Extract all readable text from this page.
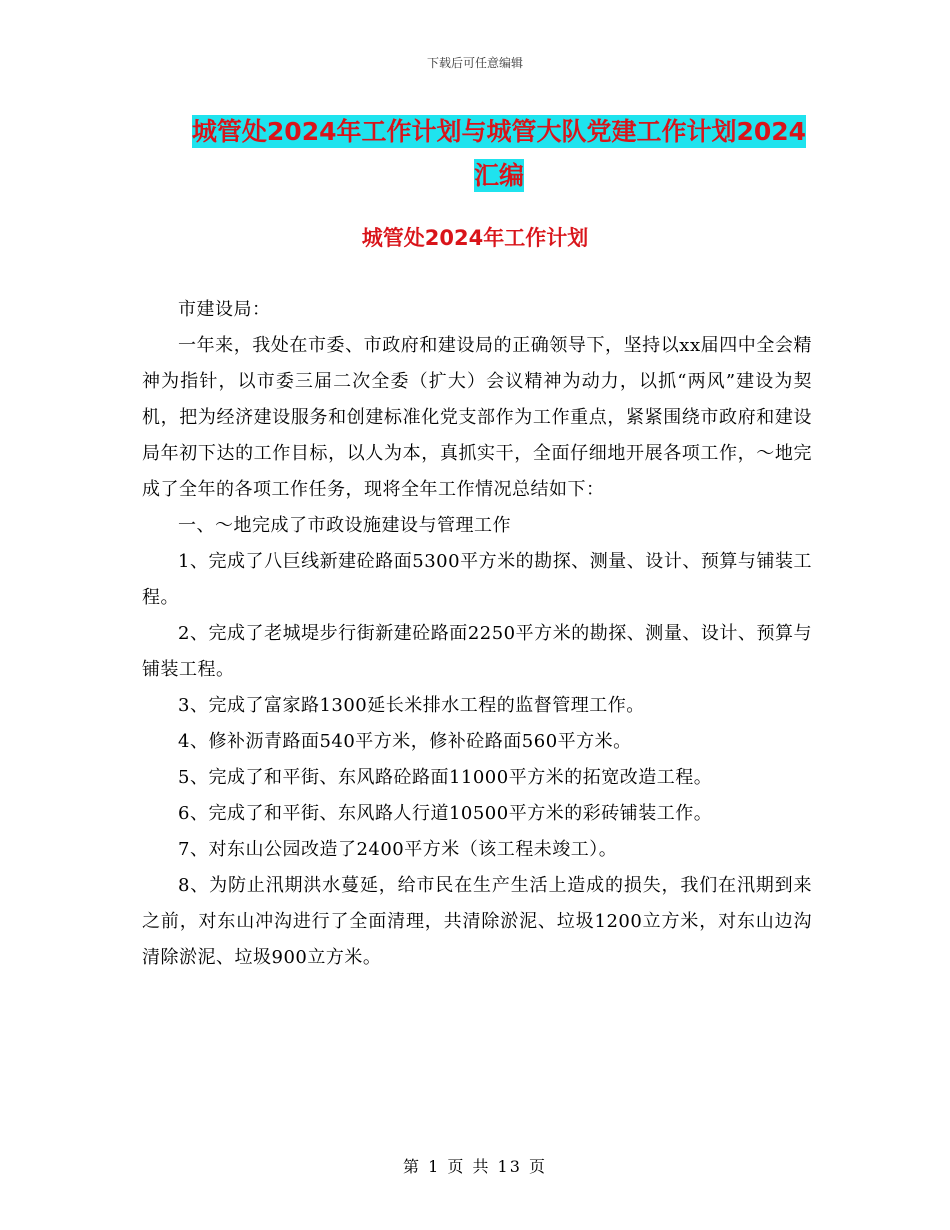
下载后可任意编辑
城管处2024年工作计划与城管大队党建工作计划2024
汇编
城管处2024年工作计划

市建设局：

一年来，我处在市委、市政府和建设局的正确领导下，坚持以xx届四中全会精神为指针，以市委三届二次全委（扩大）会议精神为动力，以抓“两风”建设为契机，把为经济建设服务和创建标准化党支部作为工作重点，紧紧围绕市政府和建设局年初下达的工作目标，以人为本，真抓实干，全面仔细地开展各项工作，～地完成了全年的各项工作任务，现将全年工作情况总结如下：

一、～地完成了市政设施建设与管理工作

1、完成了八巨线新建砼路面5300平方米的勘探、测量、设计、预算与铺装工程。

2、完成了老城堤步行街新建砼路面2250平方米的勘探、测量、设计、预算与铺装工程。

3、完成了富家路1300延长米排水工程的监督管理工作。

4、修补沥青路面540平方米，修补砼路面560平方米。

5、完成了和平街、东风路砼路面11000平方米的拓宽改造工程。

6、完成了和平街、东风路人行道10500平方米的彩砖铺装工作。

7、对东山公园改造了2400平方米（该工程未竣工）。

8、为防止汛期洪水蔓延，给市民在生产生活上造成的损失，我们在汛期到来之前，对东山冲沟进行了全面清理，共清除淤泥、垃圾1200立方米，对东山边沟清除淤泥、垃圾900立方米。

第 1 页 共 13 页
